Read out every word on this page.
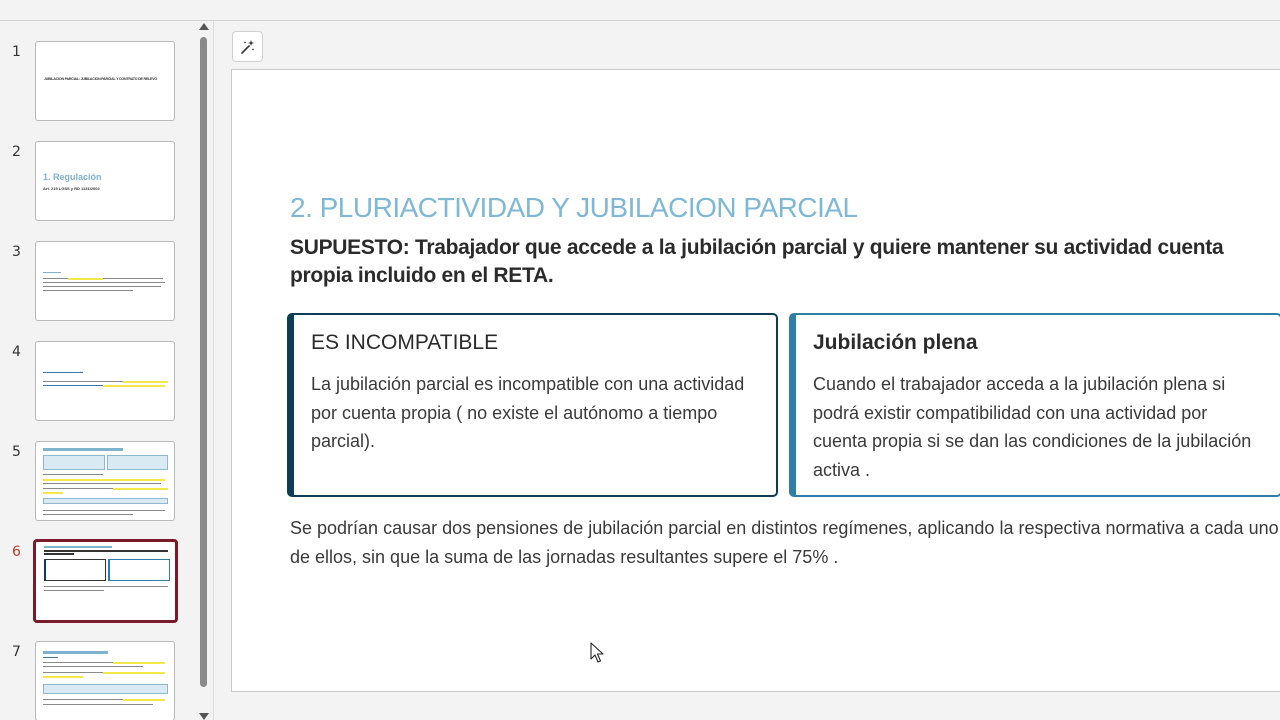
1
JUBILACION PARCIAL: JUBILACION PARCIAL Y CONTRATO DE RELEVO
2
1. Regulación
Art. 215 LGSS y RD 1131/2002
3
4
5
6
7
2. PLURIACTIVIDAD Y JUBILACION PARCIAL
SUPUESTO: Trabajador que accede a la jubilación parcial y quiere mantener su actividad cuenta propia incluido en el RETA.
ES INCOMPATIBLE
La jubilación parcial es incompatible con una actividad por cuenta propia ( no existe el autónomo a tiempo parcial).
Jubilación plena
Cuando el trabajador acceda a la jubilación plena si podrá existir compatibilidad con una actividad por cuenta propia si se dan las condiciones de la jubilación activa .
Se podrían causar dos pensiones de jubilación parcial en distintos regímenes, aplicando la respectiva normativa a cada uno de ellos, sin que la suma de las jornadas resultantes supere el 75% .
